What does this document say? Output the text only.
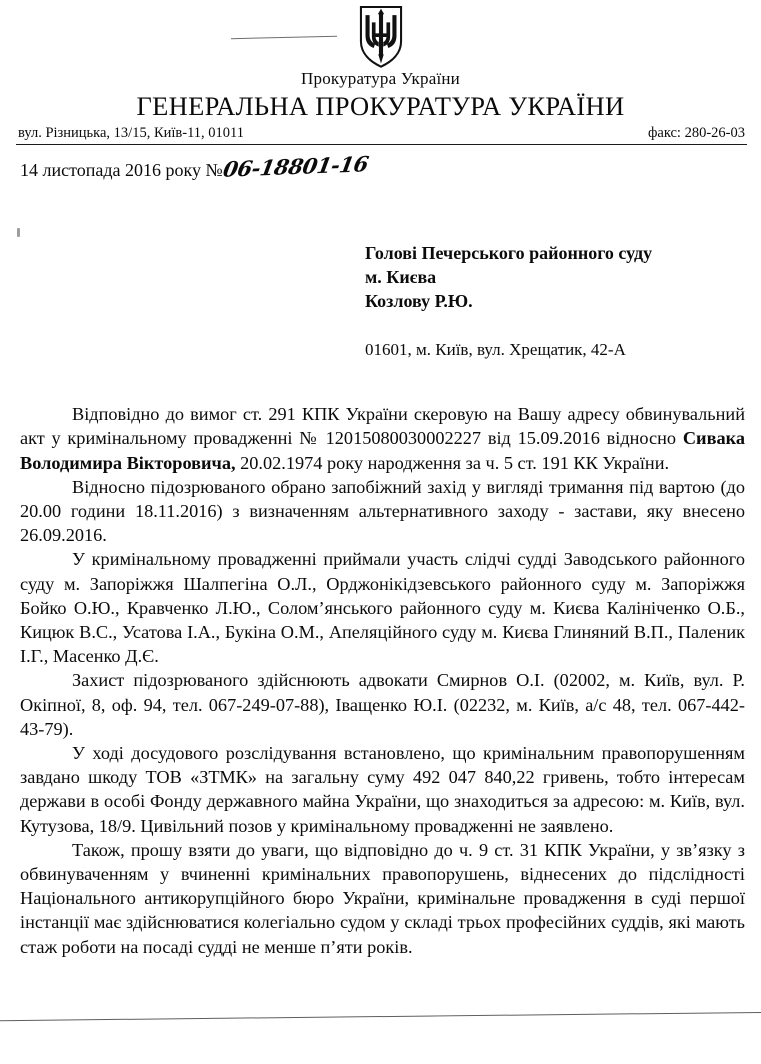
Прокуратура України
ГЕНЕРАЛЬНА ПРОКУРАТУРА УКРАЇНИ
вул. Різницька, 13/15, Київ-11, 01011	факс: 280-26-03
14 листопада 2016 року №06-18801-16
Голові Печерського районного суду
м. Києва
Козлову Р.Ю.
01601, м. Київ, вул. Хрещатик, 42-А

Відповідно до вимог ст. 291 КПК України скеровую на Вашу адресу обвинувальний акт у кримінальному провадженні № 12015080030002227 від 15.09.2016 відносно Сивака Володимира Вікторовича, 20.02.1974 року народження за ч. 5 ст. 191 КК України.

Відносно підозрюваного обрано запобіжний захід у вигляді тримання під вартою (до 20.00 години 18.11.2016) з визначенням альтернативного заходу - застави, яку внесено 26.09.2016.

У кримінальному провадженні приймали участь слідчі судді Заводського районного суду м. Запоріжжя Шалпегіна О.Л., Орджонікідзевського районного суду м. Запоріжжя Бойко О.Ю., Кравченко Л.Ю., Солом’янського районного суду м. Києва Калініченко О.Б., Кицюк В.С., Усатова І.А., Букіна О.М., Апеляційного суду м. Києва Глиняний В.П., Паленик І.Г., Масенко Д.Є.

Захист підозрюваного здійснюють адвокати Смирнов О.І. (02002, м. Київ, вул. Р. Окіпної, 8, оф. 94, тел. 067-249-07-88), Іващенко Ю.І. (02232, м. Київ, а/с 48, тел. 067-442-43-79).

У ході досудового розслідування встановлено, що кримінальним правопорушенням завдано шкоду ТОВ «ЗТМК» на загальну суму 492 047 840,22 гривень, тобто інтересам держави в особі Фонду державного майна України, що знаходиться за адресою: м. Київ, вул. Кутузова, 18/9. Цивільний позов у кримінальному провадженні не заявлено.

Також, прошу взяти до уваги, що відповідно до ч. 9 ст. 31 КПК України, у зв’язку з обвинуваченням у вчиненні кримінальних правопорушень, віднесених до підслідності Національного антикорупційного бюро України, кримінальне провадження в суді першої інстанції має здійснюватися колегіально судом у складі трьох професійних суддів, які мають стаж роботи на посаді судді не менше п’яти років.
